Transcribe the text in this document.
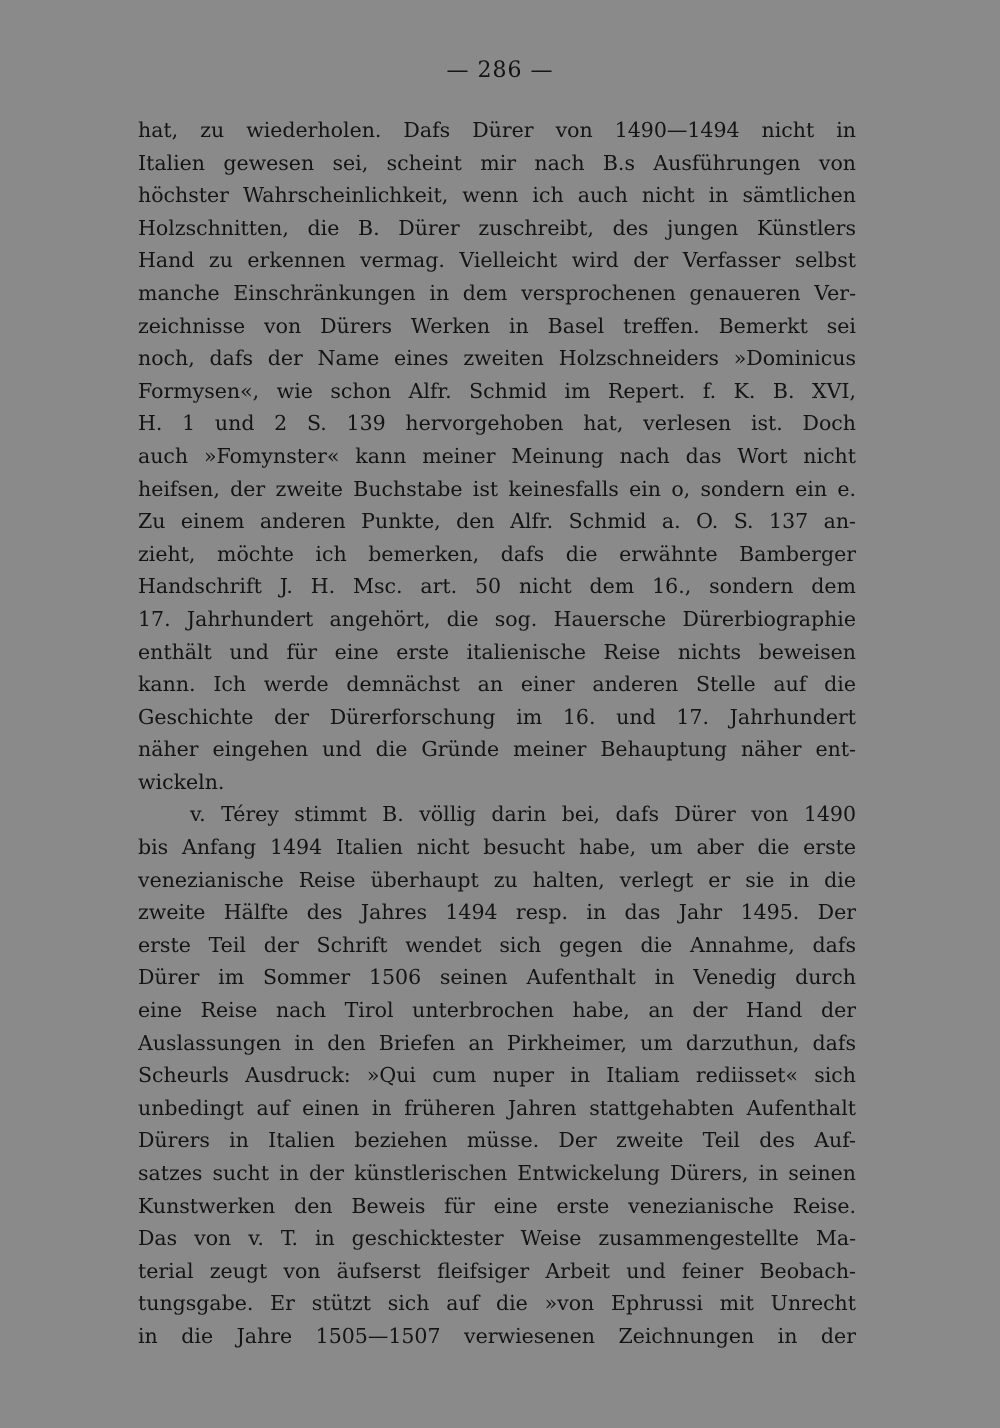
— 286 —
hat, zu wiederholen. Dafs Dürer von 1490—1494 nicht in
Italien gewesen sei, scheint mir nach B.s Ausführungen von
höchster Wahrscheinlichkeit, wenn ich auch nicht in sämtlichen
Holzschnitten, die B. Dürer zuschreibt, des jungen Künstlers
Hand zu erkennen vermag. Vielleicht wird der Verfasser selbst
manche Einschränkungen in dem versprochenen genaueren Ver-
zeichnisse von Dürers Werken in Basel treffen. Bemerkt sei
noch, dafs der Name eines zweiten Holzschneiders »Dominicus
Formysen«, wie schon Alfr. Schmid im Repert. f. K. B. XVI,
H. 1 und 2 S. 139 hervorgehoben hat, verlesen ist. Doch
auch »Fomynster« kann meiner Meinung nach das Wort nicht
heifsen, der zweite Buchstabe ist keinesfalls ein o, sondern ein e.
Zu einem anderen Punkte, den Alfr. Schmid a. O. S. 137 an-
zieht, möchte ich bemerken, dafs die erwähnte Bamberger
Handschrift J. H. Msc. art. 50 nicht dem 16., sondern dem
17. Jahrhundert angehört, die sog. Hauersche Dürerbiographie
enthält und für eine erste italienische Reise nichts beweisen
kann. Ich werde demnächst an einer anderen Stelle auf die
Geschichte der Dürerforschung im 16. und 17. Jahrhundert
näher eingehen und die Gründe meiner Behauptung näher ent-
wickeln.
v. Térey stimmt B. völlig darin bei, dafs Dürer von 1490
bis Anfang 1494 Italien nicht besucht habe, um aber die erste
venezianische Reise überhaupt zu halten, verlegt er sie in die
zweite Hälfte des Jahres 1494 resp. in das Jahr 1495. Der
erste Teil der Schrift wendet sich gegen die Annahme, dafs
Dürer im Sommer 1506 seinen Aufenthalt in Venedig durch
eine Reise nach Tirol unterbrochen habe, an der Hand der
Auslassungen in den Briefen an Pirkheimer, um darzuthun, dafs
Scheurls Ausdruck: »Qui cum nuper in Italiam rediisset« sich
unbedingt auf einen in früheren Jahren stattgehabten Aufenthalt
Dürers in Italien beziehen müsse. Der zweite Teil des Auf-
satzes sucht in der künstlerischen Entwickelung Dürers, in seinen
Kunstwerken den Beweis für eine erste venezianische Reise.
Das von v. T. in geschicktester Weise zusammengestellte Ma-
terial zeugt von äufserst fleifsiger Arbeit und feiner Beobach-
tungsgabe. Er stützt sich auf die »von Ephrussi mit Unrecht
in die Jahre 1505—1507 verwiesenen Zeichnungen in der
